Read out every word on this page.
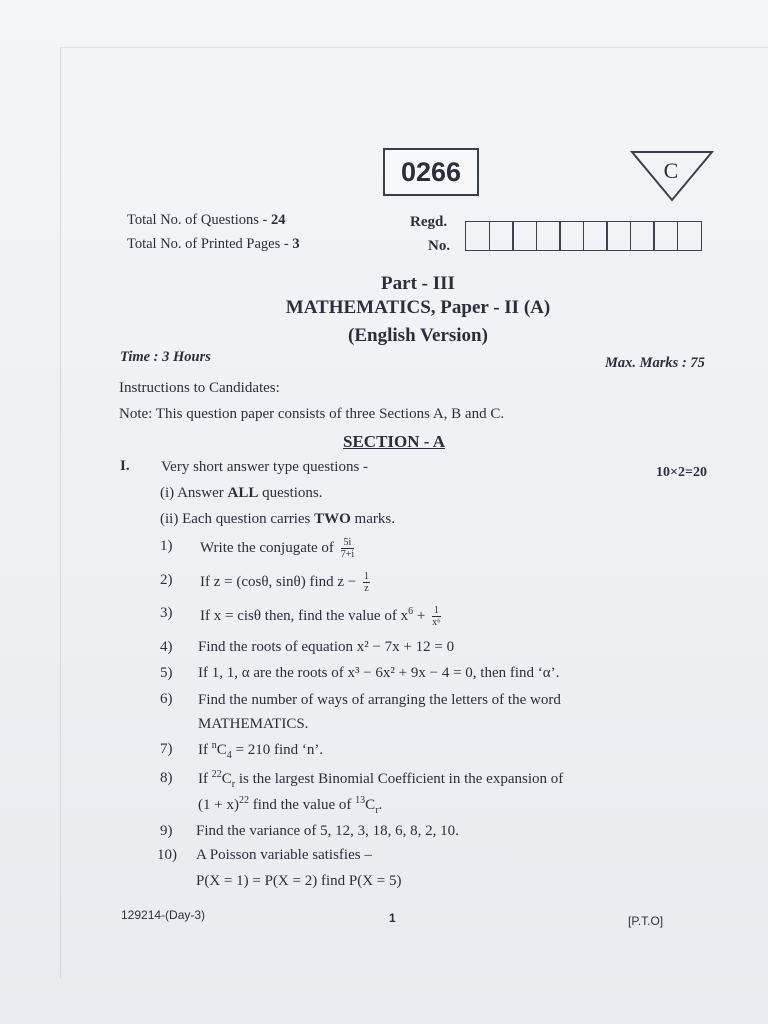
0266	C
Total No. of Questions - 24
Total No. of Printed Pages - 3
Regd.
No.
Part - III
MATHEMATICS, Paper - II (A)
(English Version)
Time : 3 Hours	Max. Marks : 75
Instructions to Candidates:
Note: This question paper consists of three Sections A, B and C.
SECTION - A
I. Very short answer type questions -	10×2=20
(i) Answer ALL questions.
(ii) Each question carries TWO marks.
1) Write the conjugate of $\frac{5i}{7+i}$
2) If z = (cosθ, sinθ) find $z - \frac{1}{z}$
3) If x = cisθ then, find the value of $x^6 + \frac{1}{\text{x⁶}}$
4) Find the roots of equation x² − 7x + 12 = 0
5) If 1, 1, α are the roots of x³ − 6x² + 9x − 4 = 0, then find ‘α’.
6) Find the number of ways of arranging the letters of the word
MATHEMATICS.
7) If $^nC_4 = 210$ find ‘n’.
8) If $^{22}C_r$ is the largest Binomial Coefficient in the expansion of
$(1 + x)^{22}$ find the value of $^{13}C_r$.
9) Find the variance of 5, 12, 3, 18, 6, 8, 2, 10.
10) A Poisson variable satisfies –
P(X = 1) = P(X = 2) find P(X = 5)
129214-(Day-3)	1	[P.T.O]
